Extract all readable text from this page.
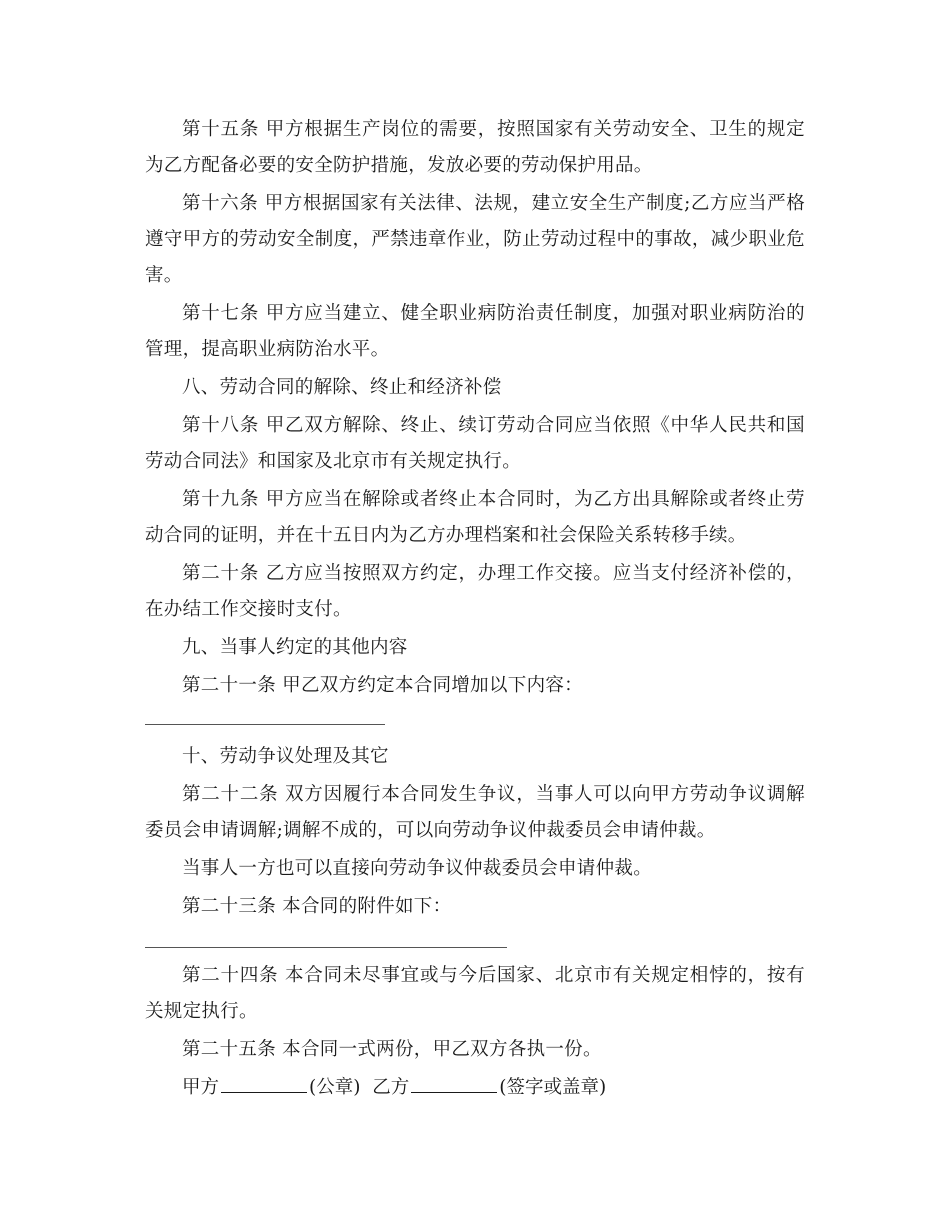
第十五条 甲方根据生产岗位的需要，按照国家有关劳动安全、卫生的规定为乙方配备必要的安全防护措施，发放必要的劳动保护用品。

第十六条 甲方根据国家有关法律、法规，建立安全生产制度;乙方应当严格遵守甲方的劳动安全制度，严禁违章作业，防止劳动过程中的事故，减少职业危害。

第十七条 甲方应当建立、健全职业病防治责任制度，加强对职业病防治的管理，提高职业病防治水平。

八、劳动合同的解除、终止和经济补偿

第十八条 甲乙双方解除、终止、续订劳动合同应当依照《中华人民共和国劳动合同法》和国家及北京市有关规定执行。

第十九条 甲方应当在解除或者终止本合同时，为乙方出具解除或者终止劳动合同的证明，并在十五日内为乙方办理档案和社会保险关系转移手续。

第二十条 乙方应当按照双方约定，办理工作交接。应当支付经济补偿的，在办结工作交接时支付。

九、当事人约定的其他内容

第二十一条 甲乙双方约定本合同增加以下内容：

十、劳动争议处理及其它

第二十二条 双方因履行本合同发生争议，当事人可以向甲方劳动争议调解委员会申请调解;调解不成的，可以向劳动争议仲裁委员会申请仲裁。

当事人一方也可以直接向劳动争议仲裁委员会申请仲裁。

第二十三条 本合同的附件如下：

第二十四条 本合同未尽事宜或与今后国家、北京市有关规定相悖的，按有关规定执行。

第二十五条 本合同一式两份，甲乙双方各执一份。

甲方	(公章) 乙方	(签字或盖章)
